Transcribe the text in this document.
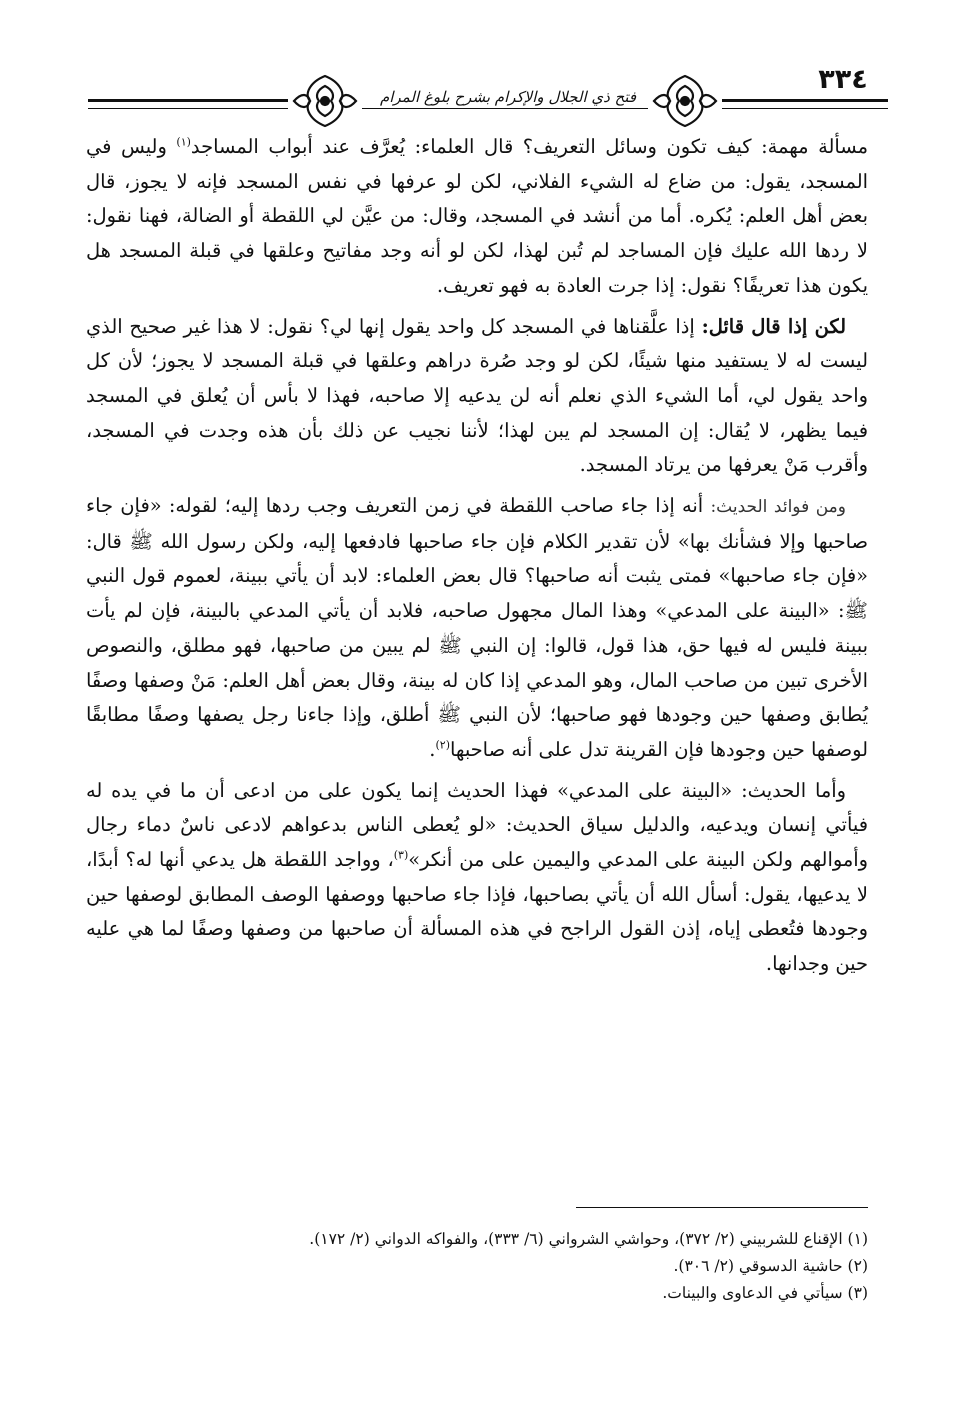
٣٣٤
فتح ذي الجلال والإكرام بشرح بلوغ المرام

مسألة مهمة: كيف تكون وسائل التعريف؟ قال العلماء: يُعرَّف عند أبواب المساجد$^{(١)}$ وليس في المسجد، يقول: من ضاع له الشيء الفلاني، لكن لو عرفها في نفس المسجد فإنه لا يجوز، قال بعض أهل العلم: يُكره. أما من أنشد في المسجد، وقال: من عيَّن لي اللقطة أو الضالة، فهنا نقول: لا ردها الله عليك فإن المساجد لم تُبن لهذا، لكن لو أنه وجد مفاتيح وعلقها في قبلة المسجد هل يكون هذا تعريفًا؟ نقول: إذا جرت العادة به فهو تعريف.

لكن إذا قال قائل: إذا علَّقناها في المسجد كل واحد يقول إنها لي؟ نقول: لا هذا غير صحيح الذي ليست له لا يستفيد منها شيئًا، لكن لو وجد صُرة دراهم وعلقها في قبلة المسجد لا يجوز؛ لأن كل واحد يقول لي، أما الشيء الذي نعلم أنه لن يدعيه إلا صاحبه، فهذا لا بأس أن يُعلق في المسجد فيما يظهر، لا يُقال: إن المسجد لم يبن لهذا؛ لأننا نجيب عن ذلك بأن هذه وجدت في المسجد، وأقرب مَنْ يعرفها من يرتاد المسجد.

ومن فوائد الحديث: أنه إذا جاء صاحب اللقطة في زمن التعريف وجب ردها إليه؛ لقوله: «فإن جاء صاحبها وإلا فشأنك بها» لأن تقدير الكلام فإن جاء صاحبها فادفعها إليه، ولكن رسول الله ﷺ قال: «فإن جاء صاحبها» فمتى يثبت أنه صاحبها؟ قال بعض العلماء: لابد أن يأتي ببينة، لعموم قول النبي ﷺ: «البينة على المدعي» وهذا المال مجهول صاحبه، فلابد أن يأتي المدعي بالبينة، فإن لم يأت ببينة فليس له فيها حق، هذا قول، قالوا: إن النبي ﷺ لم يبين من صاحبها، فهو مطلق، والنصوص الأخرى تبين من صاحب المال، وهو المدعي إذا كان له بينة، وقال بعض أهل العلم: مَنْ وصفها وصفًا يُطابق وصفها حين وجودها فهو صاحبها؛ لأن النبي ﷺ أطلق، وإذا جاءنا رجل يصفها وصفًا مطابقًا لوصفها حين وجودها فإن القرينة تدل على أنه صاحبها$^{(٢)}$.

وأما الحديث: «البينة على المدعي» فهذا الحديث إنما يكون على من ادعى أن ما في يده له فيأتي إنسان ويدعيه، والدليل سياق الحديث: «لو يُعطى الناس بدعواهم لادعى ناسٌ دماء رجال وأموالهم ولكن البينة على المدعي واليمين على من أنكر»$^{(٣)}$، وواجد اللقطة هل يدعي أنها له؟ أبدًا، لا يدعيها، يقول: أسأل الله أن يأتي بصاحبها، فإذا جاء صاحبها ووصفها الوصف المطابق لوصفها حين وجودها فتُعطى إياه، إذن القول الراجح في هذه المسألة أن صاحبها من وصفها وصفًا لما هي عليه حين وجدانها.

(١) الإقناع للشربيني (٢/ ٣٧٢)، وحواشي الشرواني (٦/ ٣٣٣)، والفواكه الدواني (٢/ ١٧٢).
(٢) حاشية الدسوقي (٢/ ٣٠٦).
(٣) سيأتي في الدعاوى والبينات.
